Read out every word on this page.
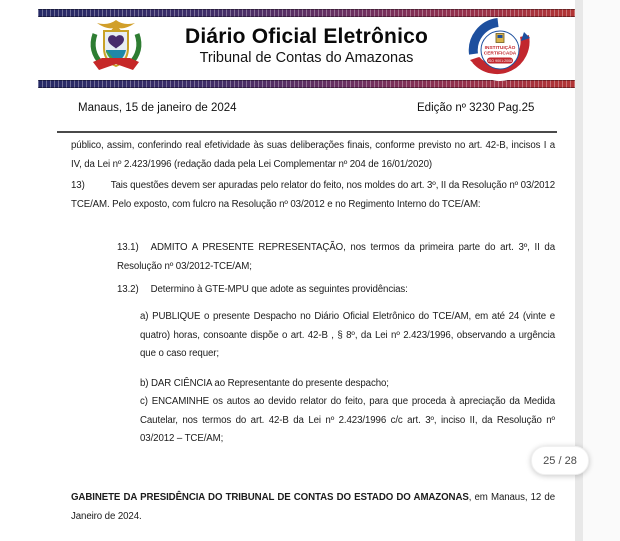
Diário Oficial Eletrônico
Tribunal de Contas do Amazonas
INSTITUIÇÃO
CERTIFICADA
ISO 9001:2008
Manaus, 15 de janeiro de 2024	Edição nº 3230 Pag.25

público, assim, conferindo real efetividade às suas deliberações finais, conforme previsto no art. 42-B, incisos I a IV, da Lei nº 2.423/1996 (redação dada pela Lei Complementar nº 204 de 16/01/2020)

13)	Tais questões devem ser apuradas pelo relator do feito, nos moldes do art. 3º, II da Resolução nº 03/2012 TCE/AM. Pelo exposto, com fulcro na Resolução nº 03/2012 e no Regimento Interno do TCE/AM:

13.1) ADMITO A PRESENTE REPRESENTAÇÃO, nos termos da primeira parte do art. 3º, II da Resolução nº 03/2012-TCE/AM;

13.2) Determino à GTE-MPU que adote as seguintes providências:

a) PUBLIQUE o presente Despacho no Diário Oficial Eletrônico do TCE/AM, em até 24 (vinte e quatro) horas, consoante dispõe o art. 42-B , § 8º, da Lei nº 2.423/1996, observando a urgência que o caso requer;

b) DAR CIÊNCIA ao Representante do presente despacho;

c) ENCAMINHE os autos ao devido relator do feito, para que proceda à apreciação da Medida Cautelar, nos termos do art. 42-B da Lei nº 2.423/1996 c/c art. 3º, inciso II, da Resolução nº 03/2012 – TCE/AM;

GABINETE DA PRESIDÊNCIA DO TRIBUNAL DE CONTAS DO ESTADO DO AMAZONAS, em Manaus, 12 de Janeiro de 2024.

25 / 28
